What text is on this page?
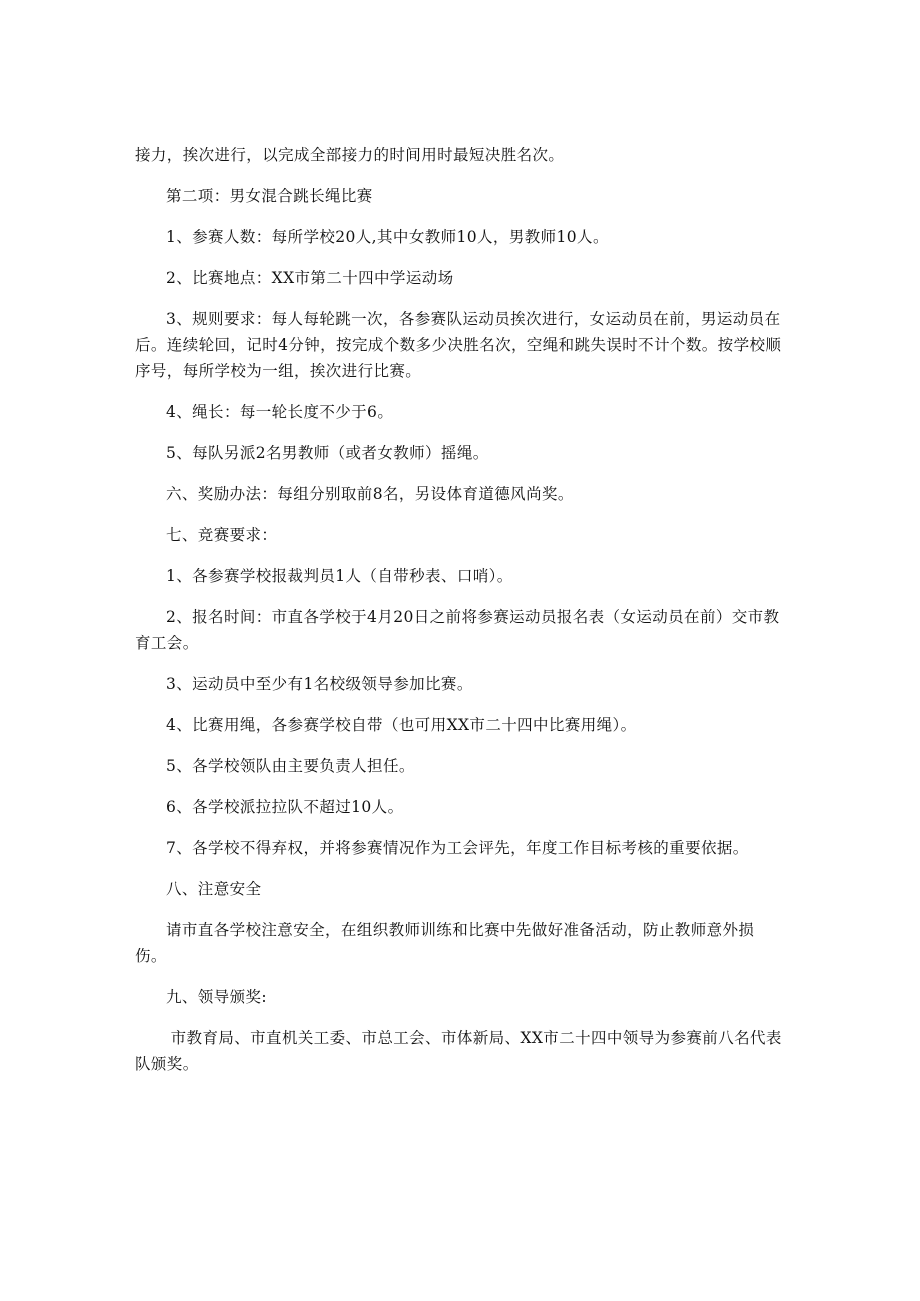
接力，挨次进行，以完成全部接力的时间用时最短决胜名次。

第二项：男女混合跳长绳比赛

1、参赛人数：每所学校20人,其中女教师10人，男教师10人。

2、比赛地点：XX市第二十四中学运动场

3、规则要求：每人每轮跳一次，各参赛队运动员挨次进行，女运动员在前，男运动员在后。连续轮回，记时4分钟，按完成个数多少决胜名次，空绳和跳失误时不计个数。按学校顺序号，每所学校为一组，挨次进行比赛。

4、绳长：每一轮长度不少于6。

5、每队另派2名男教师（或者女教师）摇绳。

六、奖励办法：每组分别取前8名，另设体育道德风尚奖。

七、竞赛要求：

1、各参赛学校报裁判员1人（自带秒表、口哨）。

2、报名时间：市直各学校于4月20日之前将参赛运动员报名表（女运动员在前）交市教育工会。

3、运动员中至少有1名校级领导参加比赛。

4、比赛用绳，各参赛学校自带（也可用XX市二十四中比赛用绳）。

5、各学校领队由主要负责人担任。

6、各学校派拉拉队不超过10人。

7、各学校不得弃权，并将参赛情况作为工会评先，年度工作目标考核的重要依据。

八、注意安全

请市直各学校注意安全，在组织教师训练和比赛中先做好准备活动，防止教师意外损伤。

九、领导颁奖:

市教育局、市直机关工委、市总工会、市体新局、XX市二十四中领导为参赛前八名代表队颁奖。
